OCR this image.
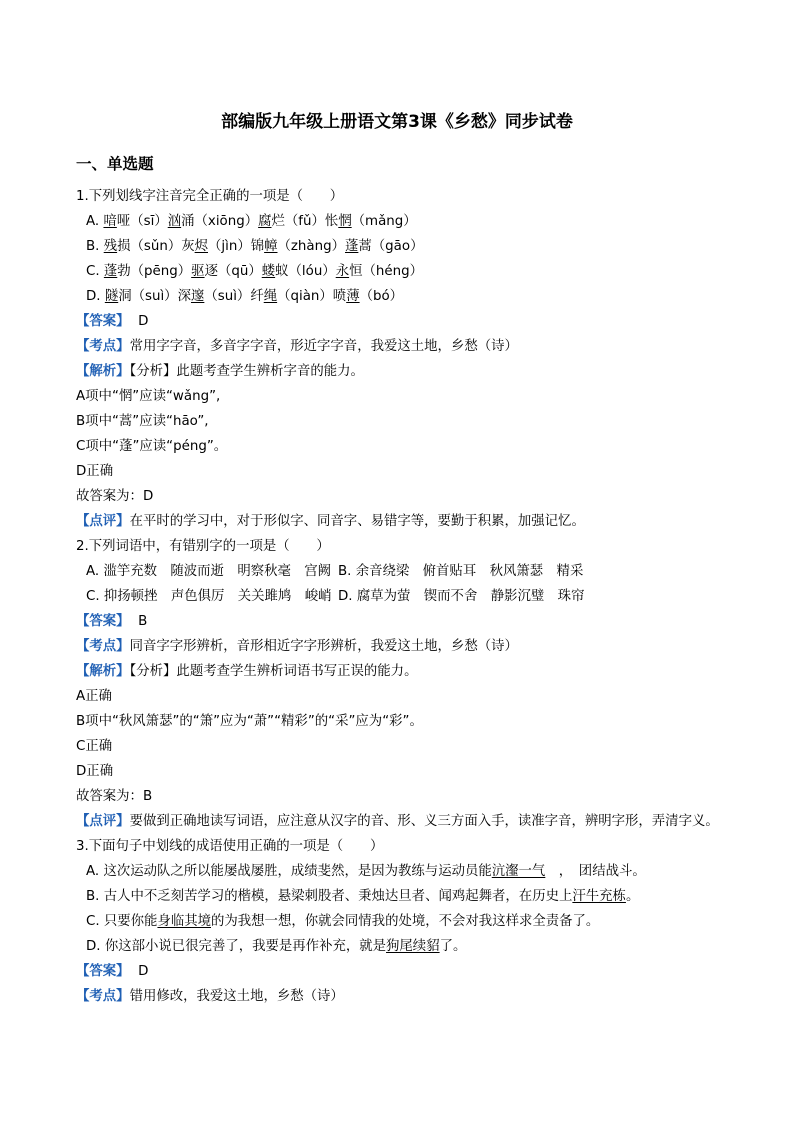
部编版九年级上册语文第3课《乡愁》同步试卷
一、单选题
1.下列划线字注音完全正确的一项是（　　）
A. 喑哑（sī）汹涌（xiōng）腐烂（fǔ）怅惘（mǎng）
B. 残损（sǔn）灰烬（jìn）锦幛（zhàng）蓬蒿（gāo）
C. 蓬勃（pēng）驱逐（qū）蝼蚁（lóu）永恒（héng）
D. 隧洞（suì）深邃（suì）纤绳（qiàn）喷薄（bó）
【答案】 D
【考点】常用字字音，多音字字音，形近字字音，我爱这土地，乡愁（诗）
【解析】【分析】此题考查学生辨析字音的能力。
A项中“惘”应读“wǎng”,
B项中“蒿”应读“hāo”,
C项中“蓬”应读“péng”。
D正确
故答案为：D
【点评】在平时的学习中，对于形似字、同音字、易错字等，要勤于积累，加强记忆。
2.下列词语中，有错别字的一项是（　　）
A. 滥竽充数　随波而逝　明察秋毫　宫阙 B. 余音绕梁　俯首贴耳　秋风箫瑟　精采
C. 抑扬顿挫　声色俱厉　关关雎鸠　峻峭 D. 腐草为萤　锲而不舍　静影沉璧　珠帘
【答案】 B
【考点】同音字字形辨析，音形相近字字形辨析，我爱这土地，乡愁（诗）
【解析】【分析】此题考查学生辨析词语书写正误的能力。
A正确
B项中“秋风箫瑟”的“箫”应为“萧”“精彩”的“采”应为“彩”。
C正确
D正确
故答案为：B
【点评】要做到正确地读写词语，应注意从汉字的音、形、义三方面入手，读准字音，辨明字形，弄清字义。
3.下面句子中划线的成语使用正确的一项是（　　）
A. 这次运动队之所以能屡战屡胜，成绩斐然，是因为教练与运动员能沆瀣一气　，　团结战斗。
B. 古人中不乏刻苦学习的楷模，悬梁刺股者、秉烛达旦者、闻鸡起舞者，在历史上汗牛充栋。
C. 只要你能身临其境的为我想一想，你就会同情我的处境，不会对我这样求全责备了。
D. 你这部小说已很完善了，我要是再作补充，就是狗尾续貂了。
【答案】 D
【考点】错用修改，我爱这土地，乡愁（诗）
